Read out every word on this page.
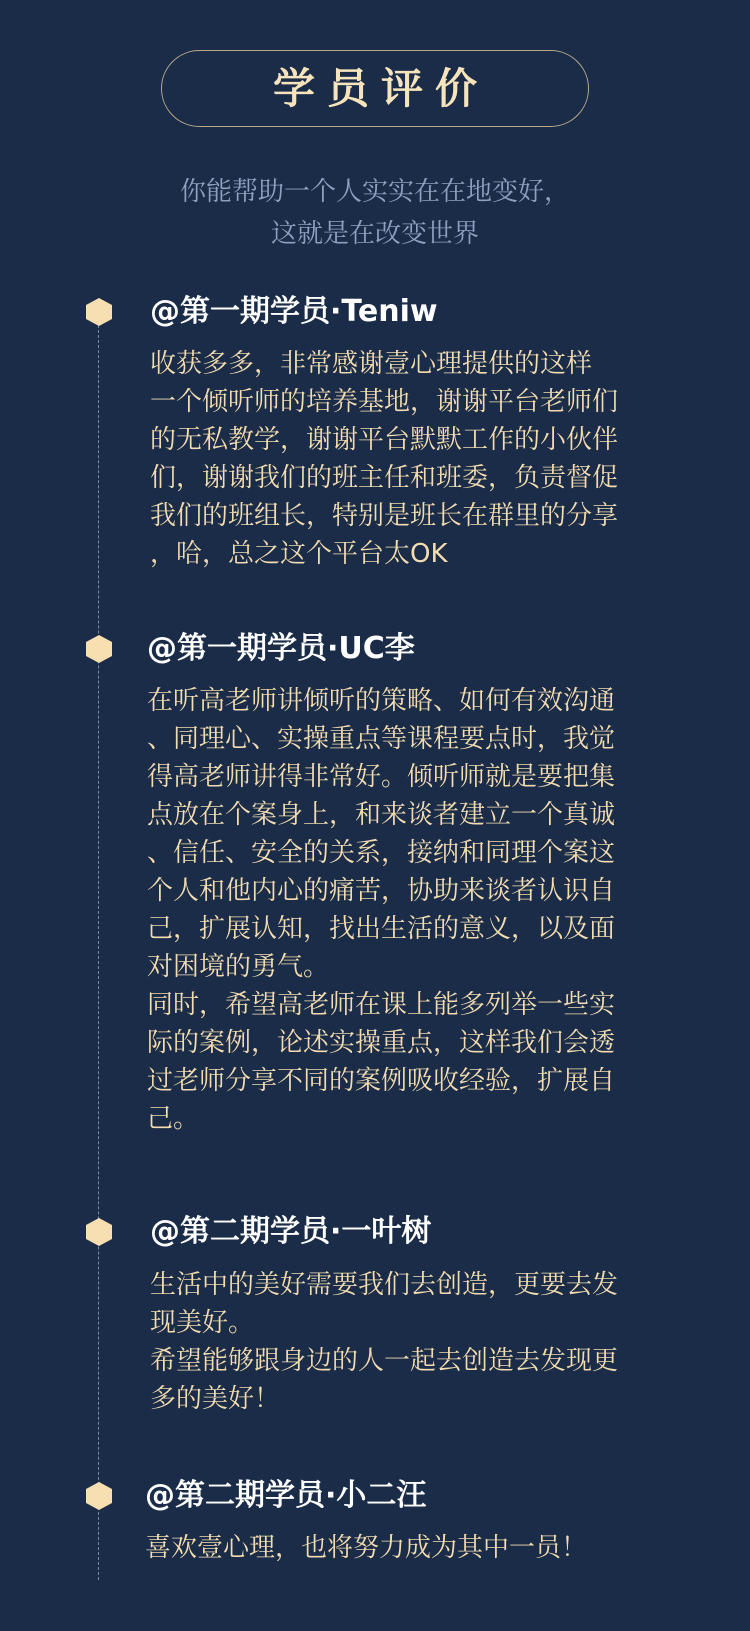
学员评价
你能帮助一个人实实在在地变好，
这就是在改变世界
@第一期学员·Teniw
收获多多，非常感谢壹心理提供的这样
一个倾听师的培养基地，谢谢平台老师们
的无私教学，谢谢平台默默工作的小伙伴
们，谢谢我们的班主任和班委，负责督促
我们的班组长，特别是班长在群里的分享
，哈，总之这个平台太OK
@第一期学员·UC李
在听高老师讲倾听的策略、如何有效沟通
、同理心、实操重点等课程要点时，我觉
得高老师讲得非常好。倾听师就是要把集
点放在个案身上，和来谈者建立一个真诚
、信任、安全的关系，接纳和同理个案这
个人和他内心的痛苦，协助来谈者认识自
己，扩展认知，找出生活的意义，以及面
对困境的勇气。
同时，希望高老师在课上能多列举一些实
际的案例，论述实操重点，这样我们会透
过老师分享不同的案例吸收经验，扩展自
己。
@第二期学员·一叶树
生活中的美好需要我们去创造，更要去发
现美好。
希望能够跟身边的人一起去创造去发现更
多的美好！
@第二期学员·小二汪
喜欢壹心理，也将努力成为其中一员！
